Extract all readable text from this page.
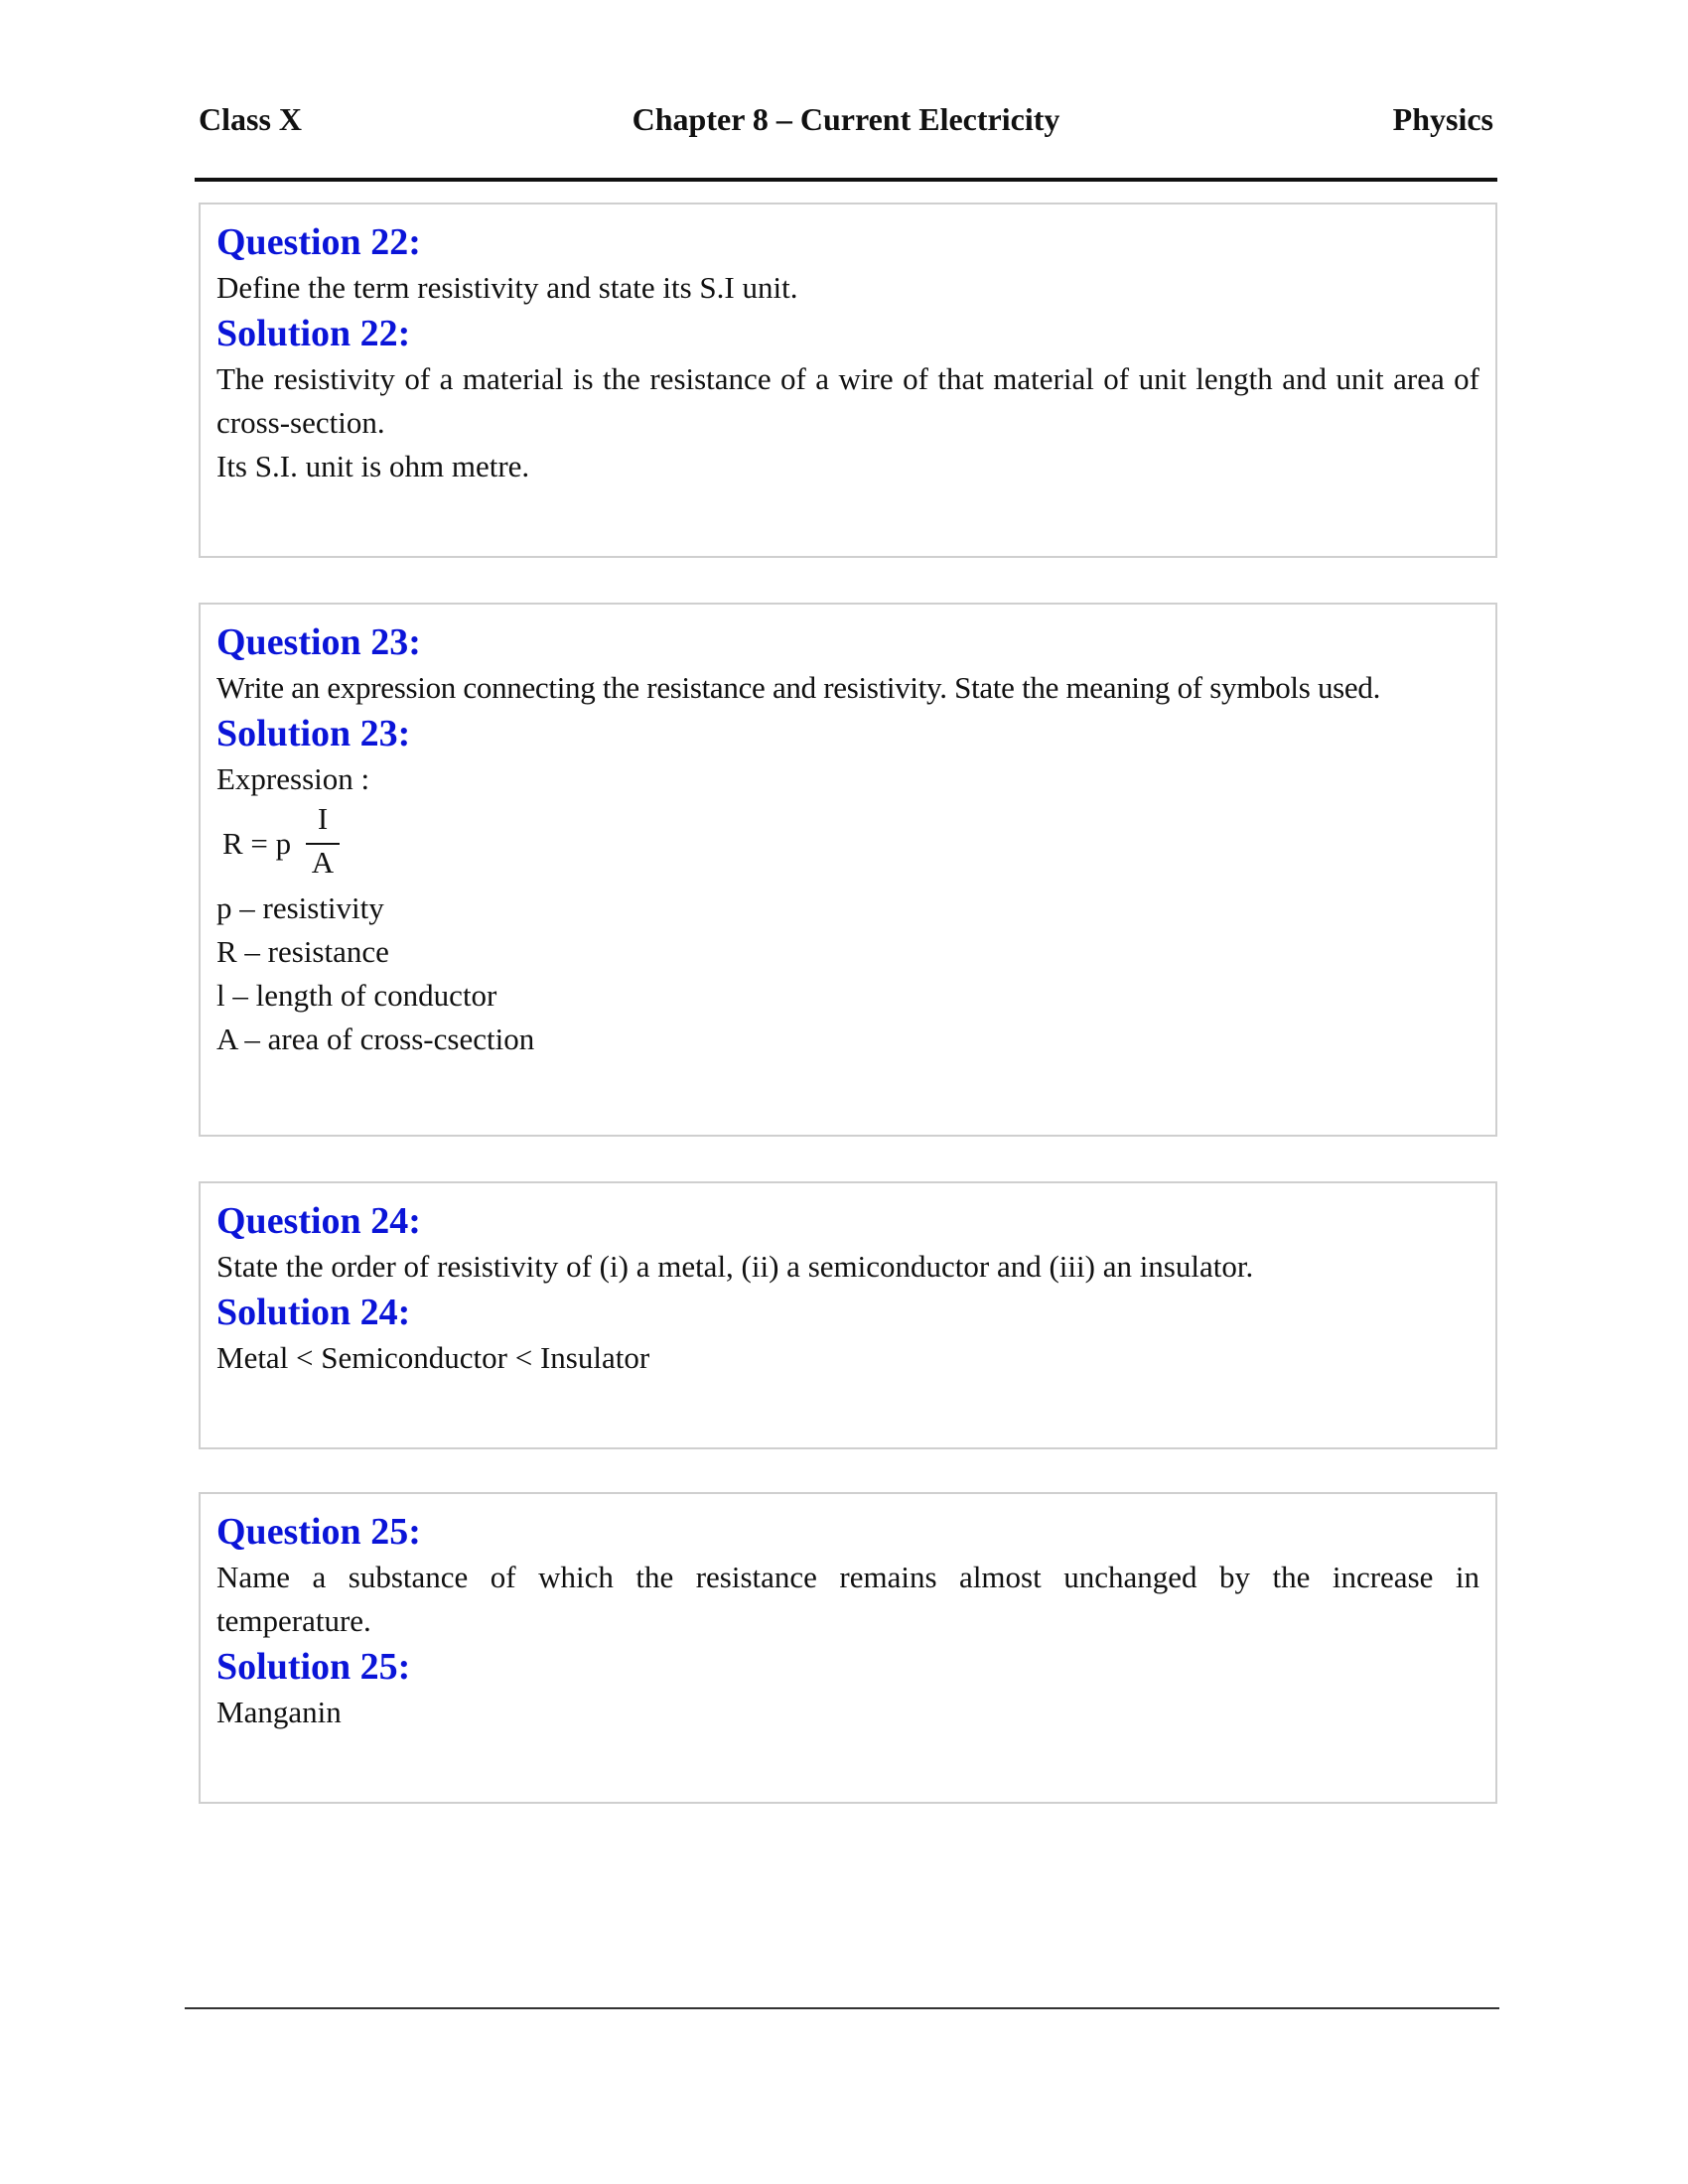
Class X	Chapter 8 – Current Electricity	Physics

Question 22:

Define the term resistivity and state its S.I unit.

Solution 22:

The resistivity of a material is the resistance of a wire of that material of unit length and unit area of cross-section.

Its S.I. unit is ohm metre.

Question 23:

Write an expression connecting the resistance and resistivity. State the meaning of symbols used.

Solution 23:

Expression :

R = p
I
A

p – resistivity

R – resistance

l – length of conductor

A – area of cross-csection

Question 24:

State the order of resistivity of (i) a metal, (ii) a semiconductor and (iii) an insulator.

Solution 24:

Metal < Semiconductor < Insulator

Question 25:

Name a substance of which the resistance remains almost unchanged by the increase in temperature.

Solution 25:

Manganin
